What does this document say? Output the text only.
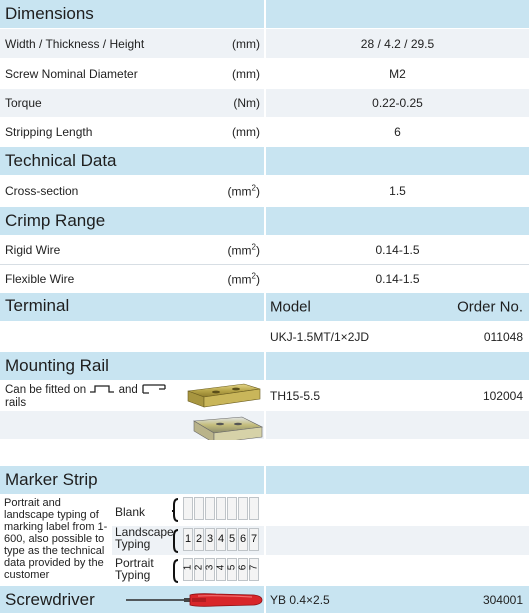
Dimensions
Width / Thickness / Height	(mm)	28 / 4.2 / 29.5
Screw Nominal Diameter	(mm)	M2
Torque	(Nm)	0.22-0.25
Stripping Length	(mm)	6
Technical Data
Cross-section	$(mm^2)$	1.5
Crimp Range
Rigid Wire	$(mm^2)$	0.14-1.5
Flexible Wire	$(mm^2)$	0.14-1.5
Terminal	Model	Order No.
UKJ-1.5MT/1×2JD	011048
Mounting Rail
Can be fitted on	and
rails
TH15-5.5	102004
Marker Strip
Portrait and landscape typing of marking label from 1-600, also possible to type as the technical data provided by the customer
Blank
Landscape Typing
Portrait Typing
1 2 3 4 5 6 7
1 2 3 4 5 6 7
Screwdriver	YB 0.4×2.5	304001
